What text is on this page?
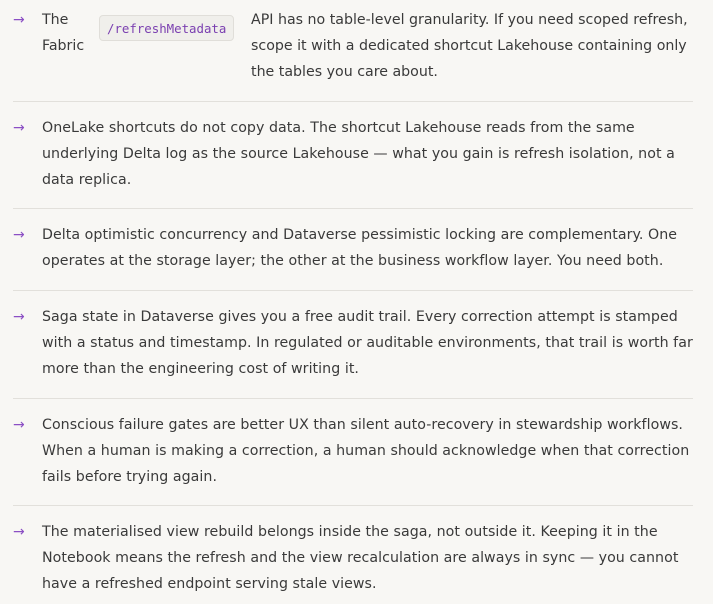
→	The Fabric
/refreshMetadata
API has no table-level granularity. If you need scoped refresh, scope it with a dedicated shortcut Lakehouse containing only the tables you care about.
→	OneLake shortcuts do not copy data. The shortcut Lakehouse reads from the same underlying Delta log as the source Lakehouse — what you gain is refresh isolation, not a data replica.
→	Delta optimistic concurrency and Dataverse pessimistic locking are complementary. One operates at the storage layer; the other at the business workflow layer. You need both.
→	Saga state in Dataverse gives you a free audit trail. Every correction attempt is stamped with a status and timestamp. In regulated or auditable environments, that trail is worth far more than the engineering cost of writing it.
→	Conscious failure gates are better UX than silent auto-recovery in stewardship workflows. When a human is making a correction, a human should acknowledge when that correction fails before trying again.
→	The materialised view rebuild belongs inside the saga, not outside it. Keeping it in the Notebook means the refresh and the view recalculation are always in sync — you cannot have a refreshed endpoint serving stale views.
